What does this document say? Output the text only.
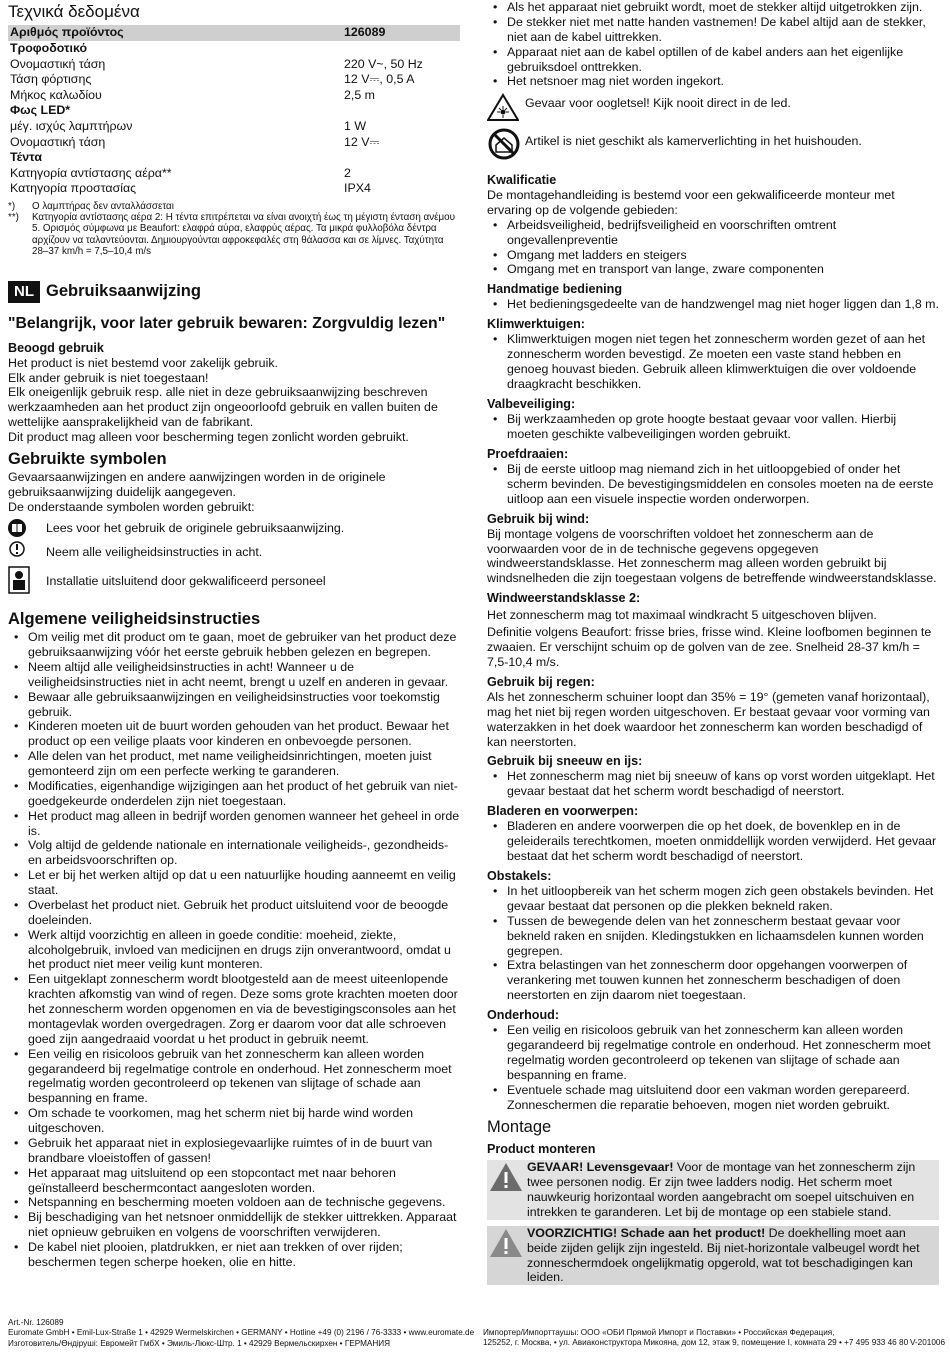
Τεχνικά δεδομένα
Αριθμός προϊόντος	126089
Τροφοδοτικό	
Ονομαστική τάση	220 V~, 50 Hz
Τάση φόρτισης	12 V⎓, 0,5 A
Μήκος καλωδίου	2,5 m
Φως LED*	
μέγ. ισχύς λαμπτήρων	1 W
Ονομαστική τάση	12 V⎓
Τέντα	
Κατηγορία αντίστασης αέρα**	2
Κατηγορία προστασίας	IPX4
*)	Ο λαμπτήρας δεν ανταλλάσσεται
**)	Κατηγορία αντίστασης αέρα 2: Η τέντα επιτρέπεται να είναι ανοιχτή έως τη μέγιστη ένταση ανέμου 5. Ορισμός σύμφωνα με Beaufort: ελαφρά αύρα, ελαφρύς αέρας. Τα μικρά φυλλοβόλα δέντρα αρχίζουν να ταλαντεύονται. Δημιουργούνται αφροκεφαλές στη θάλασσα και σε λίμνες. Ταχύτητα 28–37 km/h = 7,5–10,4 m/s
NL Gebruiksaanwijzing
"Belangrijk, voor later gebruik bewaren: Zorgvuldig lezen"
Beoogd gebruik

Het product is niet bestemd voor zakelijk gebruik.

Elk ander gebruik is niet toegestaan!

Elk oneigenlijk gebruik resp. alle niet in deze gebruiksaanwijzing beschreven werkzaamheden aan het product zijn ongeoorloofd gebruik en vallen buiten de wettelijke aansprakelijkheid van de fabrikant.

Dit product mag alleen voor bescherming tegen zonlicht worden gebruikt.

Gebruikte symbolen

Gevaarsaanwijzingen en andere aanwijzingen worden in de originele gebruiksaanwijzing duidelijk aangegeven.

De onderstaande symbolen worden gebruikt:

Lees voor het gebruik de originele gebruiksaanwijzing.
Neem alle veiligheidsinstructies in acht.
Installatie uitsluitend door gekwalificeerd personeel
Algemene veiligheidsinstructies
• Om veilig met dit product om te gaan, moet de gebruiker van het product deze gebruiksaanwijzing vóór het eerste gebruik hebben gelezen en begrepen.
• Neem altijd alle veiligheidsinstructies in acht! Wanneer u de veiligheidsinstructies niet in acht neemt, brengt u uzelf en anderen in gevaar.
• Bewaar alle gebruiksaanwijzingen en veiligheidsinstructies voor toekomstig gebruik.
• Kinderen moeten uit de buurt worden gehouden van het product. Bewaar het product op een veilige plaats voor kinderen en onbevoegde personen.
• Alle delen van het product, met name veiligheidsinrichtingen, moeten juist gemonteerd zijn om een perfecte werking te garanderen.
• Modificaties, eigenhandige wijzigingen aan het product of het gebruik van niet-goedgekeurde onderdelen zijn niet toegestaan.
• Het product mag alleen in bedrijf worden genomen wanneer het geheel in orde is.
• Volg altijd de geldende nationale en internationale veiligheids-, gezondheids- en arbeidsvoorschriften op.
• Let er bij het werken altijd op dat u een natuurlijke houding aanneemt en veilig staat.
• Overbelast het product niet. Gebruik het product uitsluitend voor de beoogde doeleinden.
• Werk altijd voorzichtig en alleen in goede conditie: moeheid, ziekte, alcoholgebruik, invloed van medicijnen en drugs zijn onverantwoord, omdat u het product niet meer veilig kunt monteren.
• Een uitgeklapt zonnescherm wordt blootgesteld aan de meest uiteenlopende krachten afkomstig van wind of regen. Deze soms grote krachten moeten door het zonnescherm worden opgenomen en via de bevestigingsconsoles aan het montagevlak worden overgedragen. Zorg er daarom voor dat alle schroeven goed zijn aangedraaid voordat u het product in gebruik neemt.
• Een veilig en risicoloos gebruik van het zonnescherm kan alleen worden gegarandeerd bij regelmatige controle en onderhoud. Het zonnescherm moet regelmatig worden gecontroleerd op tekenen van slijtage of schade aan bespanning en frame.
• Om schade te voorkomen, mag het scherm niet bij harde wind worden uitgeschoven.
• Gebruik het apparaat niet in explosiegevaarlijke ruimtes of in de buurt van brandbare vloeistoffen of gassen!
• Het apparaat mag uitsluitend op een stopcontact met naar behoren geïnstalleerd beschermcontact aangesloten worden.
• Netspanning en bescherming moeten voldoen aan de technische gegevens.
• Bij beschadiging van het netsnoer onmiddellijk de stekker uittrekken. Apparaat niet opnieuw gebruiken en volgens de voorschriften verwijderen.
• De kabel niet plooien, platdrukken, er niet aan trekken of over rijden; beschermen tegen scherpe hoeken, olie en hitte.
• Als het apparaat niet gebruikt wordt, moet de stekker altijd uitgetrokken zijn.
• De stekker niet met natte handen vastnemen! De kabel altijd aan de stekker, niet aan de kabel uittrekken.
• Apparaat niet aan de kabel optillen of de kabel anders aan het eigenlijke gebruiksdoel onttrekken.
• Het netsnoer mag niet worden ingekort.
Gevaar voor oogletsel! Kijk nooit direct in de led.
Artikel is niet geschikt als kamerverlichting in het huishouden.
Kwalificatie

De montagehandleiding is bestemd voor een gekwalificeerde monteur met ervaring op de volgende gebieden:

• Arbeidsveiligheid, bedrijfsveiligheid en voorschriften omtrent ongevallenpreventie
• Omgang met ladders en steigers
• Omgang met en transport van lange, zware componenten
Handmatige bediening
• Het bedieningsgedeelte van de handzwengel mag niet hoger liggen dan 1,8 m.
Klimwerktuigen:
• Klimwerktuigen mogen niet tegen het zonnescherm worden gezet of aan het zonnescherm worden bevestigd. Ze moeten een vaste stand hebben en genoeg houvast bieden. Gebruik alleen klimwerktuigen die over voldoende draagkracht beschikken.
Valbeveiliging:
• Bij werkzaamheden op grote hoogte bestaat gevaar voor vallen. Hierbij moeten geschikte valbeveiligingen worden gebruikt.
Proefdraaien:
• Bij de eerste uitloop mag niemand zich in het uitloopgebied of onder het scherm bevinden. De bevestigingsmiddelen en consoles moeten na de eerste uitloop aan een visuele inspectie worden onderworpen.
Gebruik bij wind:

Bij montage volgens de voorschriften voldoet het zonnescherm aan de voorwaarden voor de in de technische gegevens opgegeven windweerstandsklasse. Het zonnescherm mag alleen worden gebruikt bij windsnelheden die zijn toegestaan volgens de betreffende windweerstandsklasse.

Windweerstandsklasse 2:

Het zonnescherm mag tot maximaal windkracht 5 uitgeschoven blijven.

Definitie volgens Beaufort: frisse bries, frisse wind. Kleine loofbomen beginnen te zwaaien. Er verschijnt schuim op de golven van de zee. Snelheid 28-37 km/h = 7,5-10,4 m/s.

Gebruik bij regen:

Als het zonnescherm schuiner loopt dan 35% = 19° (gemeten vanaf horizontaal), mag het niet bij regen worden uitgeschoven. Er bestaat gevaar voor vorming van waterzakken in het doek waardoor het zonnescherm kan worden beschadigd of kan neerstorten.

Gebruik bij sneeuw en ijs:
• Het zonnescherm mag niet bij sneeuw of kans op vorst worden uitgeklapt. Het gevaar bestaat dat het scherm wordt beschadigd of neerstort.
Bladeren en voorwerpen:
• Bladeren en andere voorwerpen die op het doek, de bovenklep en in de geleiderails terechtkomen, moeten onmiddellijk worden verwijderd. Het gevaar bestaat dat het scherm wordt beschadigd of neerstort.
Obstakels:
• In het uitloopbereik van het scherm mogen zich geen obstakels bevinden. Het gevaar bestaat dat personen op die plekken bekneld raken.
• Tussen de bewegende delen van het zonnescherm bestaat gevaar voor bekneld raken en snijden. Kledingstukken en lichaamsdelen kunnen worden gegrepen.
• Extra belastingen van het zonnescherm door opgehangen voorwerpen of verankering met touwen kunnen het zonnescherm beschadigen of doen neerstorten en zijn daarom niet toegestaan.
Onderhoud:
• Een veilig en risicoloos gebruik van het zonnescherm kan alleen worden gegarandeerd bij regelmatige controle en onderhoud. Het zonnescherm moet regelmatig worden gecontroleerd op tekenen van slijtage of schade aan bespanning en frame.
• Eventuele schade mag uitsluitend door een vakman worden gerepareerd. Zonneschermen die reparatie behoeven, mogen niet worden gebruikt.
Montage
Product monteren
GEVAAR! Levensgevaar! Voor de montage van het zonnescherm zijn twee personen nodig. Er zijn twee ladders nodig. Het scherm moet nauwkeurig horizontaal worden aangebracht om soepel uitschuiven en intrekken te garanderen. Let bij de montage op een stabiele stand.
VOORZICHTIG! Schade aan het product! De doekhelling moet aan beide zijden gelijk zijn ingesteld. Bij niet-horizontale valbeugel wordt het zonneschermdoek ongelijkmatig opgerold, wat tot beschadigingen kan leiden.
Art.-Nr. 126089
Euromate GmbH • Emil-Lux-Straße 1 • 42929 Wermelskirchen • GERMANY • Hotline +49 (0) 2196 / 76-3333 • www.euromate.de
Изготовитель/Өндіруші: Евромейт ГмбХ • Эмиль-Люкс-Штр. 1 • 42929 Вермельскирхен • ГЕРМАНИЯ
Импортер/Импорттаушы: ООО «ОБИ Прямой Импорт и Поставки» • Российская Федерация,
125252, г. Москва, • ул. Авиаконструктора Микояна, дом 12, этаж 9, помещение I, комната 29 • +7 495 933 46 80 V-201006
